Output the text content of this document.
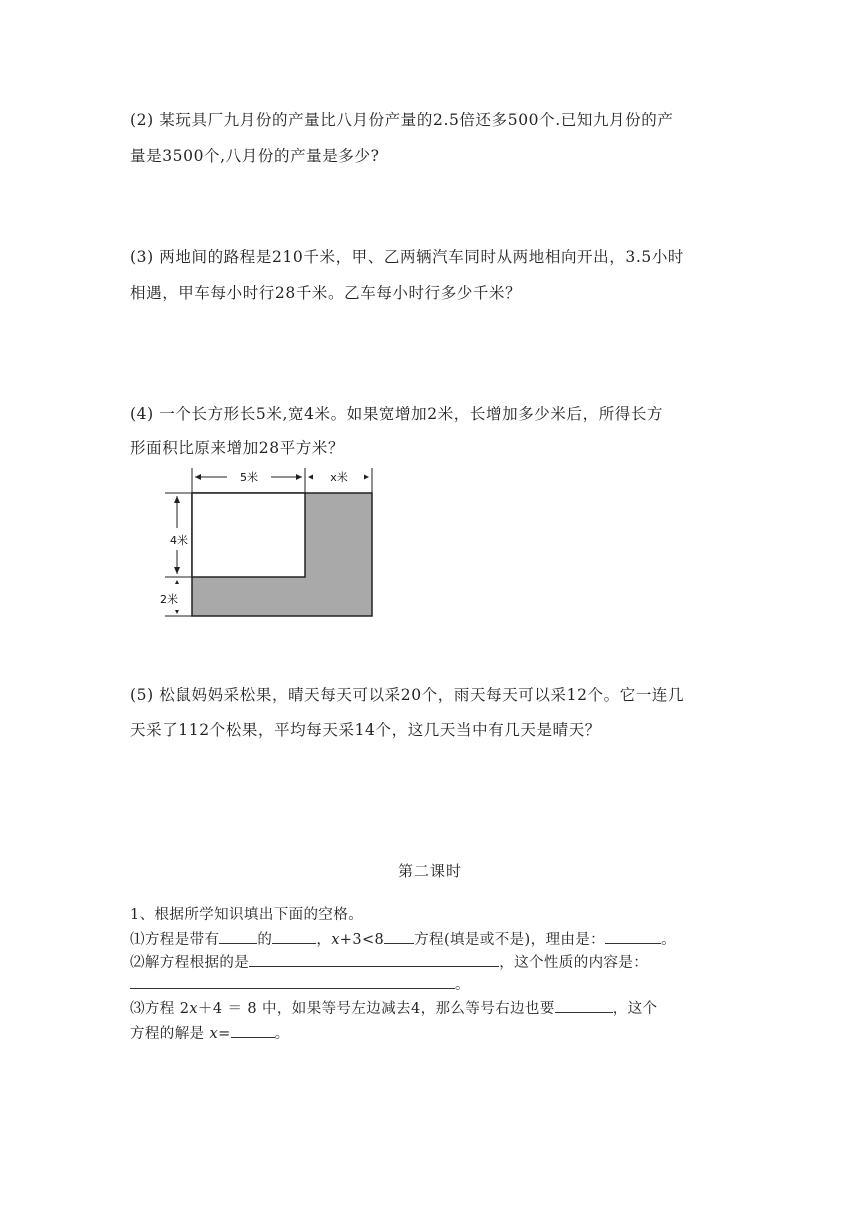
(2) 某玩具厂九月份的产量比八月份产量的2.5倍还多500个.已知九月份的产
量是3500个,八月份的产量是多少?
(3) 两地间的路程是210千米，甲、乙两辆汽车同时从两地相向开出，3.5小时
相遇，甲车每小时行28千米。乙车每小时行多少千米？
(4) 一个长方形长5米,宽4米。如果宽增加2米，长增加多少米后，所得长方
形面积比原来增加28平方米？
5米	x米
4米
2米
(5) 松鼠妈妈采松果，晴天每天可以采20个，雨天每天可以采12个。它一连几
天采了112个松果，平均每天采14个，这几天当中有几天是晴天？
第二课时
1、根据所学知识填出下面的空格。
⑴方程是带有	的	，x+3<8 方程(填是或不是)，理由是：	。
⑵解方程根据的是	，这个性质的内容是：
。
⑶方程 2x＋4 ＝ 8 中，如果等号左边减去4，那么等号右边也要	，这个
方程的解是 x=	。
